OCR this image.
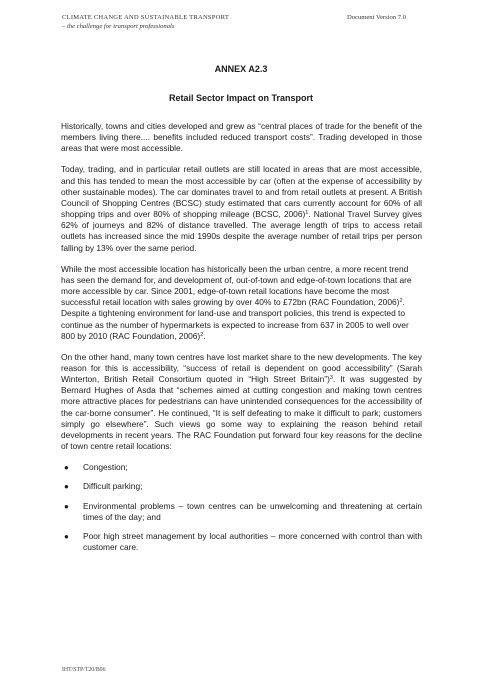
CLIMATE CHANGE AND SUSTAINABLE TRANSPORT
– the challenge for transport professionals
Document Version 7.0
ANNEX A2.3
Retail Sector Impact on Transport

Historically, towns and cities developed and grew as “central places of trade for the benefit of the members living there.... benefits included reduced transport costs”. Trading developed in those areas that were most accessible.

Today, trading, and in particular retail outlets are still located in areas that are most accessible, and this has tended to mean the most accessible by car (often at the expense of accessibility by other sustainable modes). The car dominates travel to and from retail outlets at present. A British Council of Shopping Centres (BCSC) study estimated that cars currently account for 60% of all shopping trips and over 80% of shopping mileage (BCSC, 2006)$^1$. National Travel Survey gives 62% of journeys and 82% of distance travelled. The average length of trips to access retail outlets has increased since the mid 1990s despite the average number of retail trips per person falling by 13% over the same period.

While the most accessible location has historically been the urban centre, a more recent trend has seen the demand for, and development of, out-of-town and edge-of-town locations that are more accessible by car. Since 2001, edge-of-town retail locations have become the most successful retail location with sales growing by over 40% to £72bn (RAC Foundation, 2006)$^2$. Despite a tightening environment for land-use and transport policies, this trend is expected to continue as the number of hypermarkets is expected to increase from 637 in 2005 to well over 800 by 2010 (RAC Foundation, 2006)$^2$.

On the other hand, many town centres have lost market share to the new developments. The key reason for this is accessibility, “success of retail is dependent on good accessibility” (Sarah Winterton, British Retail Consortium quoted in “High Street Britain”)$^3$. It was suggested by Bernard Hughes of Asda that “schemes aimed at cutting congestion and making town centres more attractive places for pedestrians can have unintended consequences for the accessibility of the car-borne consumer”. He continued, “It is self defeating to make it difficult to park; customers simply go elsewhere”. Such views go some way to explaining the reason behind retail developments in recent years. The RAC Foundation put forward four key reasons for the decline of town centre retail locations:

● Congestion;
● Difficult parking;
● Environmental problems – town centres can be unwelcoming and threatening at certain times of the day; and
● Poor high street management by local authorities – more concerned with control than with customer care.
IHT/STP/T20/B06
